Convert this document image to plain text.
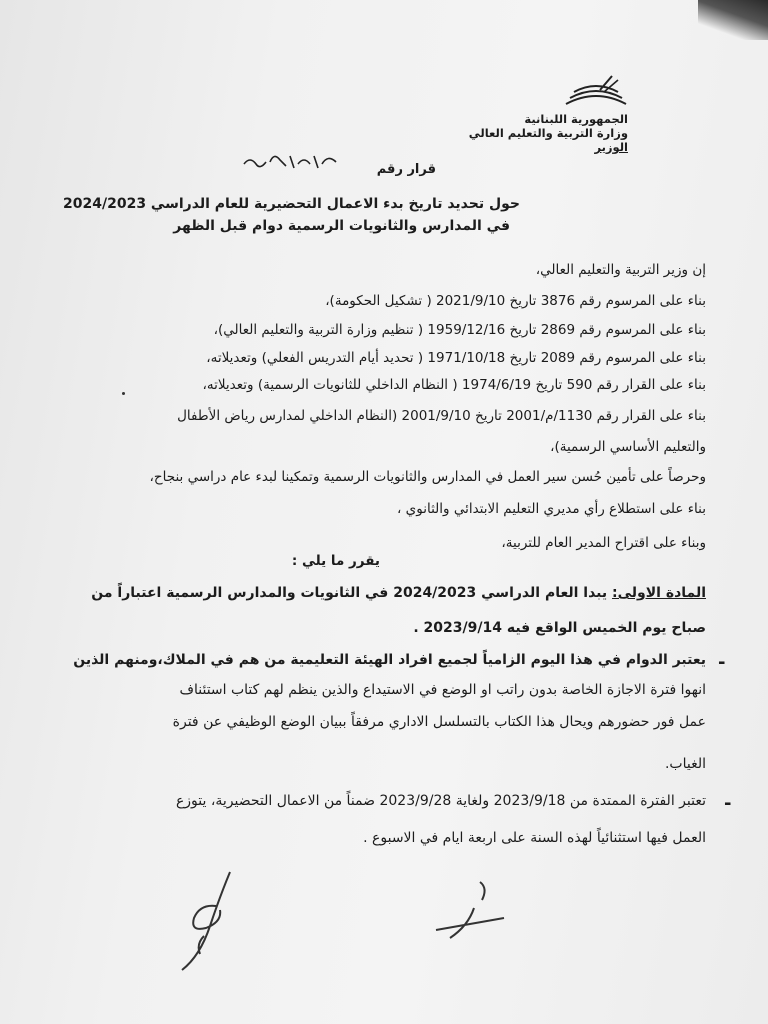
الجمهورية اللبنانية
وزارة التربية والتعليم العالي
الوزير
قرار رقم
حول تحديد تاريخ بدء الاعمال التحضيرية للعام الدراسي 2024/2023
في المدارس والثانويات الرسمية دوام قبل الظهر
إن وزير التربية والتعليم العالي،
بناء على المرسوم رقم 3876 تاريخ 2021/9/10 ( تشكيل الحكومة)،
بناء على المرسوم رقم 2869 تاريخ 1959/12/16 ( تنظيم وزارة التربية والتعليم العالي)،
بناء على المرسوم رقم 2089 تاريخ 1971/10/18 ( تحديد أيام التدريس الفعلي) وتعديلاته،
بناء على القرار رقم 590 تاريخ 1974/6/19 ( النظام الداخلي للثانويات الرسمية) وتعديلاته،
بناء على القرار رقم 1130/م/2001 تاريخ 2001/9/10 (النظام الداخلي لمدارس رياض الأطفال
والتعليم الأساسي الرسمية)،
وحرصاً على تأمين حُسن سير العمل في المدارس والثانويات الرسمية وتمكينا لبدء عام دراسي بنجاح،
بناء على استطلاع رأي مديري التعليم الابتدائي والثانوي ،
وبناء على اقتراح المدير العام للتربية،
يقرر ما يلي :
المادة الاولى: يبدا العام الدراسي 2024/2023 في الثانويات والمدارس الرسمية اعتباراً من
صباح يوم الخميس الواقع فيه 2023/9/14 .
-
يعتبر الدوام في هذا اليوم الزامياً لجميع افراد الهيئة التعليمية من هم في الملاك،ومنهم الذين
انهوا فترة الاجازة الخاصة بدون راتب او الوضع في الاستيداع والذين ينظم لهم كتاب استئناف
عمل فور حضورهم ويحال هذا الكتاب بالتسلسل الاداري مرفقاً ببيان الوضع الوظيفي عن فترة
الغياب.
-
تعتبر الفترة الممتدة من 2023/9/18 ولغاية 2023/9/28 ضمناً من الاعمال التحضيرية، يتوزع
العمل فيها استثنائياً لهذه السنة على اربعة ايام في الاسبوع .
